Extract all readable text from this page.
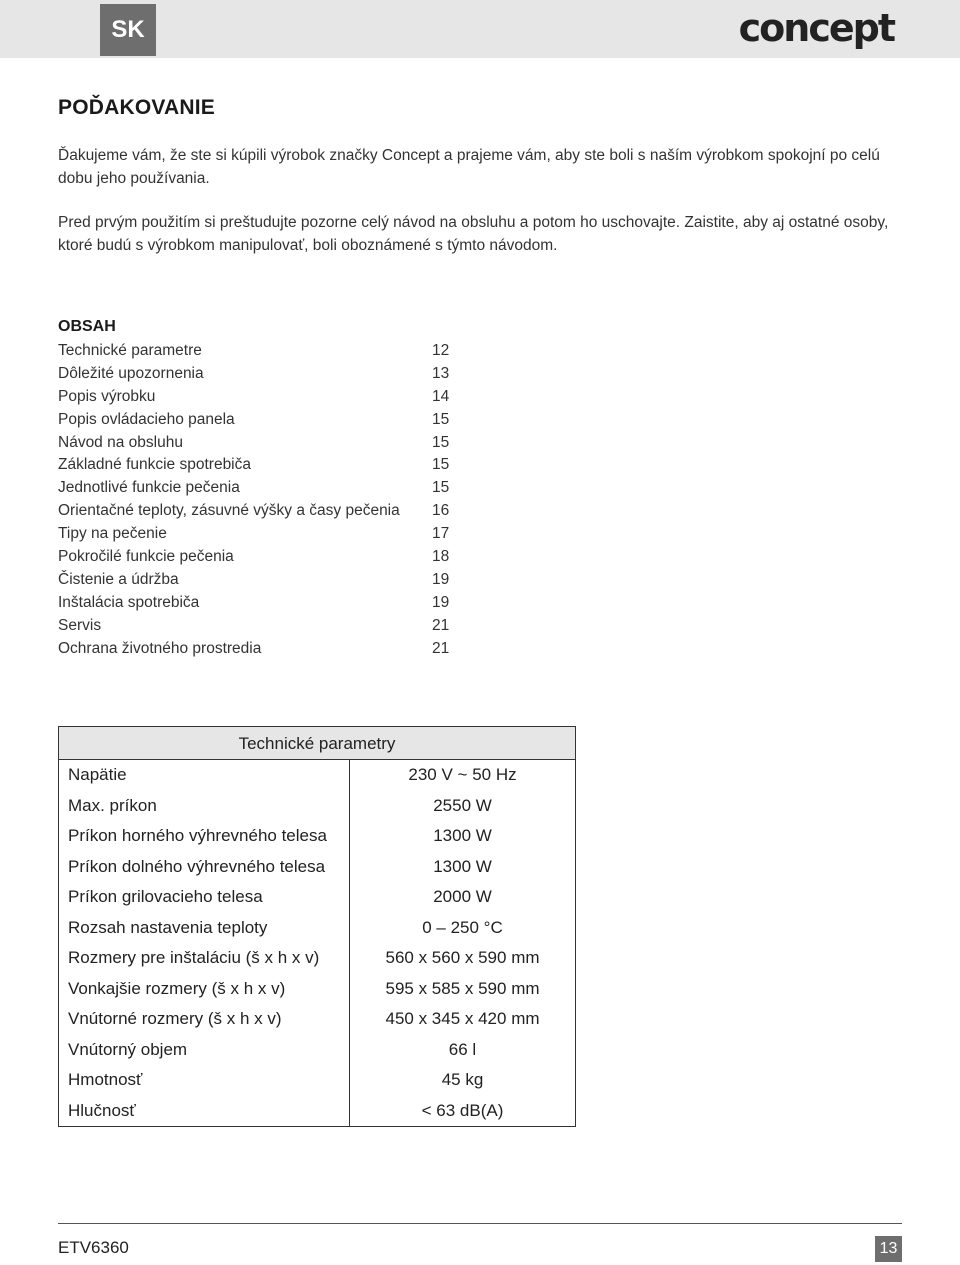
SK	concept
POĎAKOVANIE
Ďakujeme vám, že ste si kúpili výrobok značky Concept a prajeme vám, aby ste boli s naším výrobkom spokojní po celú dobu jeho používania.
Pred prvým použitím si preštudujte pozorne celý návod na obsluhu a potom ho uschovajte. Zaistite, aby aj ostatné osoby, ktoré budú s výrobkom manipulovať, boli oboznámené s týmto návodom.
OBSAH
Technické parametre	12
Dôležité upozornenia	13
Popis výrobku	14
Popis ovládacieho panela	15
Návod na obsluhu	15
Základné funkcie spotrebiča	15
Jednotlivé funkcie pečenia	15
Orientačné teploty, zásuvné výšky a časy pečenia 16
Tipy na pečenie	17
Pokročilé funkcie pečenia	18
Čistenie a údržba	19
Inštalácia spotrebiča	19
Servis	21
Ochrana životného prostredia	21
Technické parametry	
Napätie	230 V ~ 50 Hz
Max. príkon	2550 W
Príkon horného výhrevného telesa	1300 W
Príkon dolného výhrevného telesa	1300 W
Príkon grilovacieho telesa	2000 W
Rozsah nastavenia teploty	0 – 250 °C
Rozmery pre inštaláciu (š x h x v)	560 x 560 x 590 mm
Vonkajšie rozmery (š x h x v)	595 x 585 x 590 mm
Vnútorné rozmery (š x h x v)	450 x 345 x 420 mm
Vnútorný objem	66 l
Hmotnosť	45 kg
Hlučnosť	< 63 dB(A)
ETV6360	13
